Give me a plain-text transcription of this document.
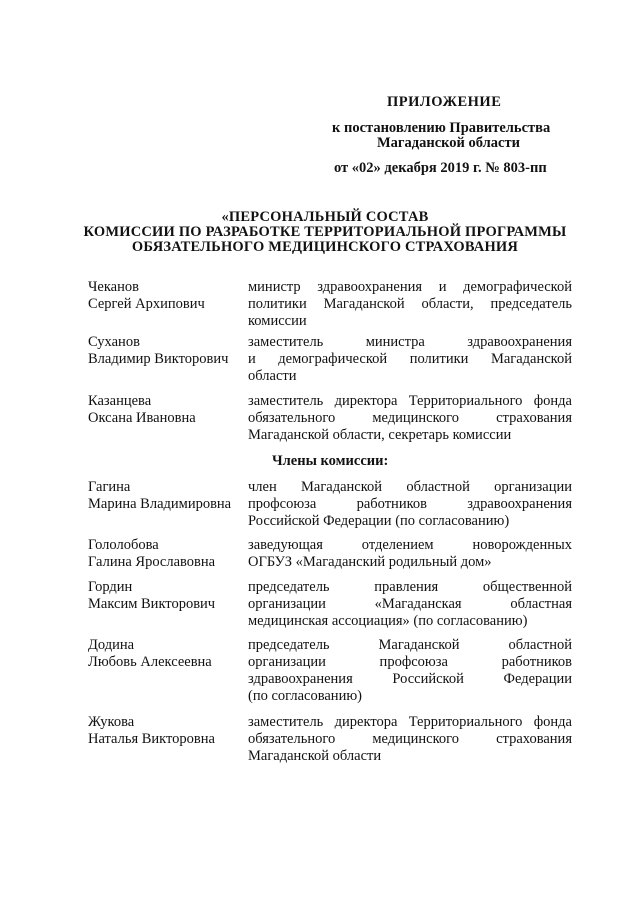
ПРИЛОЖЕНИЕ
к постановлению Правительства
Магаданской области
от «02» декабря 2019 г. № 803-пп
«ПЕРСОНАЛЬНЫЙ СОСТАВ
КОМИССИИ ПО РАЗРАБОТКЕ ТЕРРИТОРИАЛЬНОЙ ПРОГРАММЫ
ОБЯЗАТЕЛЬНОГО МЕДИЦИНСКОГО СТРАХОВАНИЯ
Чеканов
Сергей Архипович
министр здравоохранения и демографической
политики Магаданской области, председатель
комиссии
Суханов
Владимир Викторович
заместитель министра здравоохранения
и демографической политики Магаданской
области
Казанцева
Оксана Ивановна
заместитель директора Территориального фонда
обязательного медицинского страхования
Магаданской области, секретарь комиссии
Члены комиссии:
Гагина
Марина Владимировна
член Магаданской областной организации
профсоюза работников здравоохранения
Российской Федерации (по согласованию)
Гололобова
Галина Ярославовна
заведующая отделением новорожденных
ОГБУЗ «Магаданский родильный дом»
Гордин
Максим Викторович
председатель правления общественной
организации «Магаданская областная
медицинская ассоциация» (по согласованию)
Додина
Любовь Алексеевна
председатель Магаданской областной
организации профсоюза работников
здравоохранения Российской Федерации
(по согласованию)
Жукова
Наталья Викторовна
заместитель директора Территориального фонда
обязательного медицинского страхования
Магаданской области
